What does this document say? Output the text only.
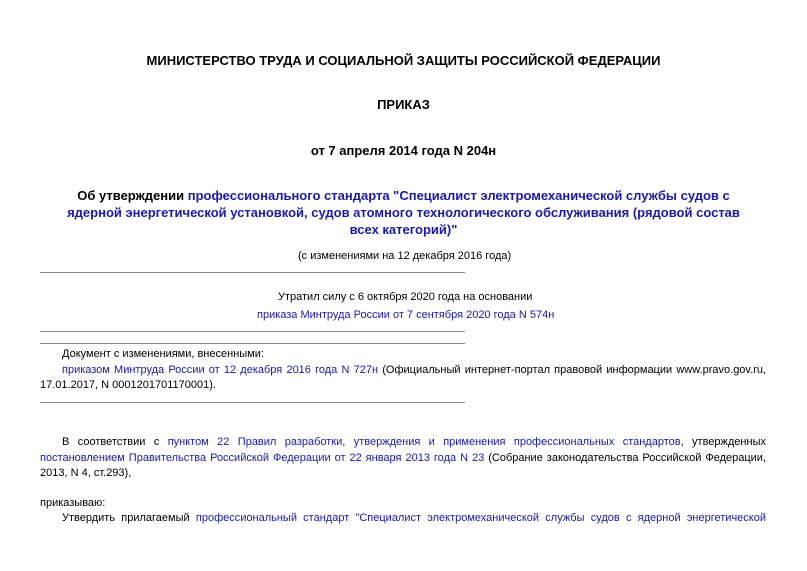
МИНИСТЕРСТВО ТРУДА И СОЦИАЛЬНОЙ ЗАЩИТЫ РОССИЙСКОЙ ФЕДЕРАЦИИ
ПРИКАЗ
от 7 апреля 2014 года N 204н
Об утверждении профессионального стандарта "Специалист электромеханической службы судов с
ядерной энергетической установкой, судов атомного технологического обслуживания (рядовой состав
всех категорий)"
(с изменениями на 12 декабря 2016 года)
Утратил силу с 6 октября 2020 года на основании
приказа Минтруда России от 7 сентября 2020 года N 574н
Документ с изменениями, внесенными:
приказом Минтруда России от 12 декабря 2016 года N 727н (Официальный интернет-портал правовой информации www.pravo.gov.ru,
17.01.2017, N 0001201701170001).
В соответствии с пунктом 22 Правил разработки, утверждения и применения профессиональных стандартов, утвержденных
постановлением Правительства Российской Федерации от 22 января 2013 года N 23 (Собрание законодательства Российской Федерации,
2013, N 4, ст.293),
приказываю:
Утвердить прилагаемый профессиональный стандарт "Специалист электромеханической службы судов с ядерной энергетической
